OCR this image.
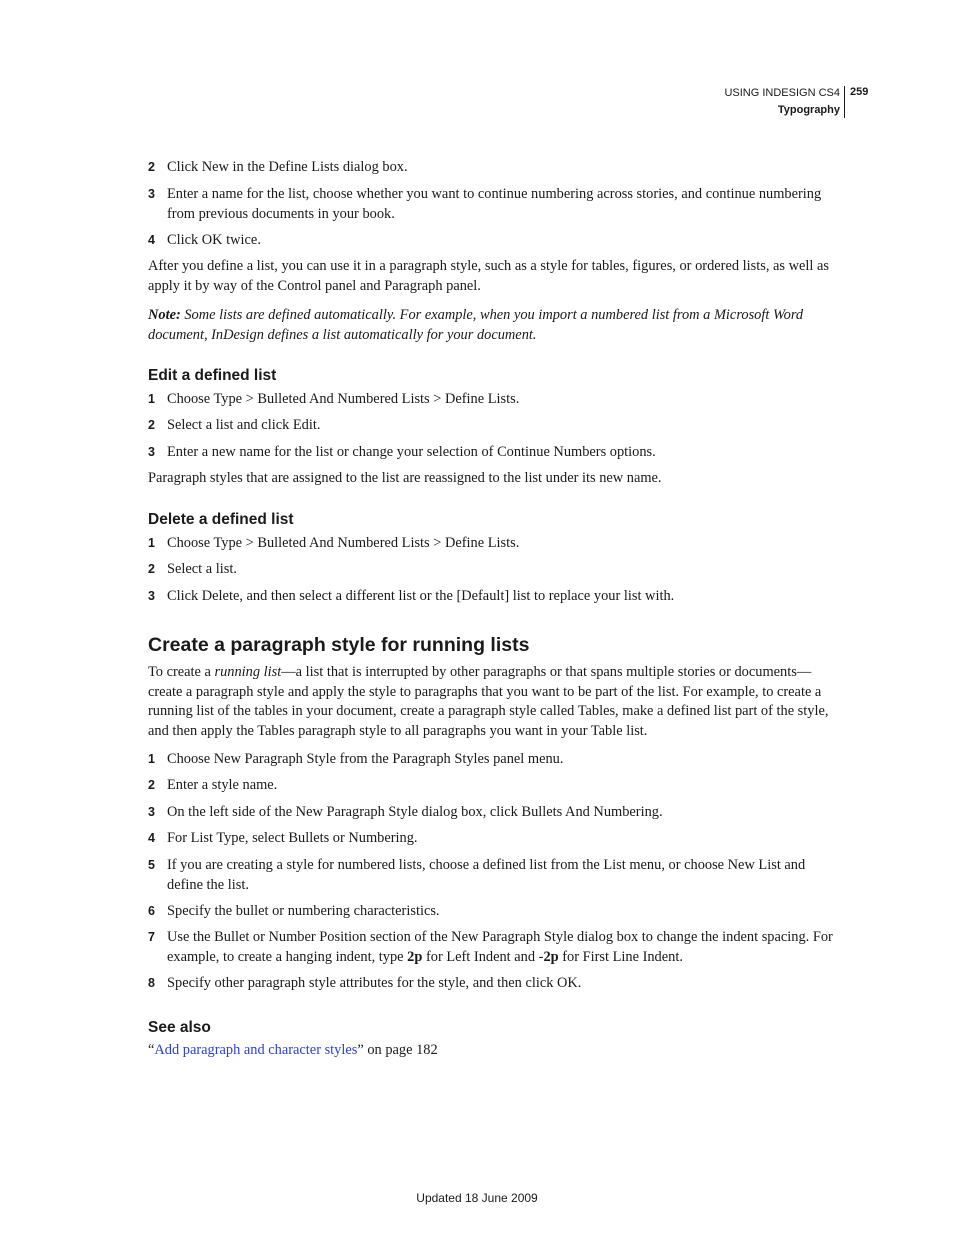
USING INDESIGN CS4
Typography
259
2 Click New in the Define Lists dialog box.
3 Enter a name for the list, choose whether you want to continue numbering across stories, and continue numbering from previous documents in your book.
4 Click OK twice.
After you define a list, you can use it in a paragraph style, such as a style for tables, figures, or ordered lists, as well as apply it by way of the Control panel and Paragraph panel.
Note: Some lists are defined automatically. For example, when you import a numbered list from a Microsoft Word document, InDesign defines a list automatically for your document.
Edit a defined list
1 Choose Type > Bulleted And Numbered Lists > Define Lists.
2 Select a list and click Edit.
3 Enter a new name for the list or change your selection of Continue Numbers options.
Paragraph styles that are assigned to the list are reassigned to the list under its new name.
Delete a defined list
1 Choose Type > Bulleted And Numbered Lists > Define Lists.
2 Select a list.
3 Click Delete, and then select a different list or the [Default] list to replace your list with.
Create a paragraph style for running lists
To create a running list—a list that is interrupted by other paragraphs or that spans multiple stories or documents—create a paragraph style and apply the style to paragraphs that you want to be part of the list. For example, to create a running list of the tables in your document, create a paragraph style called Tables, make a defined list part of the style, and then apply the Tables paragraph style to all paragraphs you want in your Table list.
1 Choose New Paragraph Style from the Paragraph Styles panel menu.
2 Enter a style name.
3 On the left side of the New Paragraph Style dialog box, click Bullets And Numbering.
4 For List Type, select Bullets or Numbering.
5 If you are creating a style for numbered lists, choose a defined list from the List menu, or choose New List and define the list.
6 Specify the bullet or numbering characteristics.
7 Use the Bullet or Number Position section of the New Paragraph Style dialog box to change the indent spacing. For example, to create a hanging indent, type 2p for Left Indent and -2p for First Line Indent.
8 Specify other paragraph style attributes for the style, and then click OK.
See also
“Add paragraph and character styles” on page 182
Updated 18 June 2009
